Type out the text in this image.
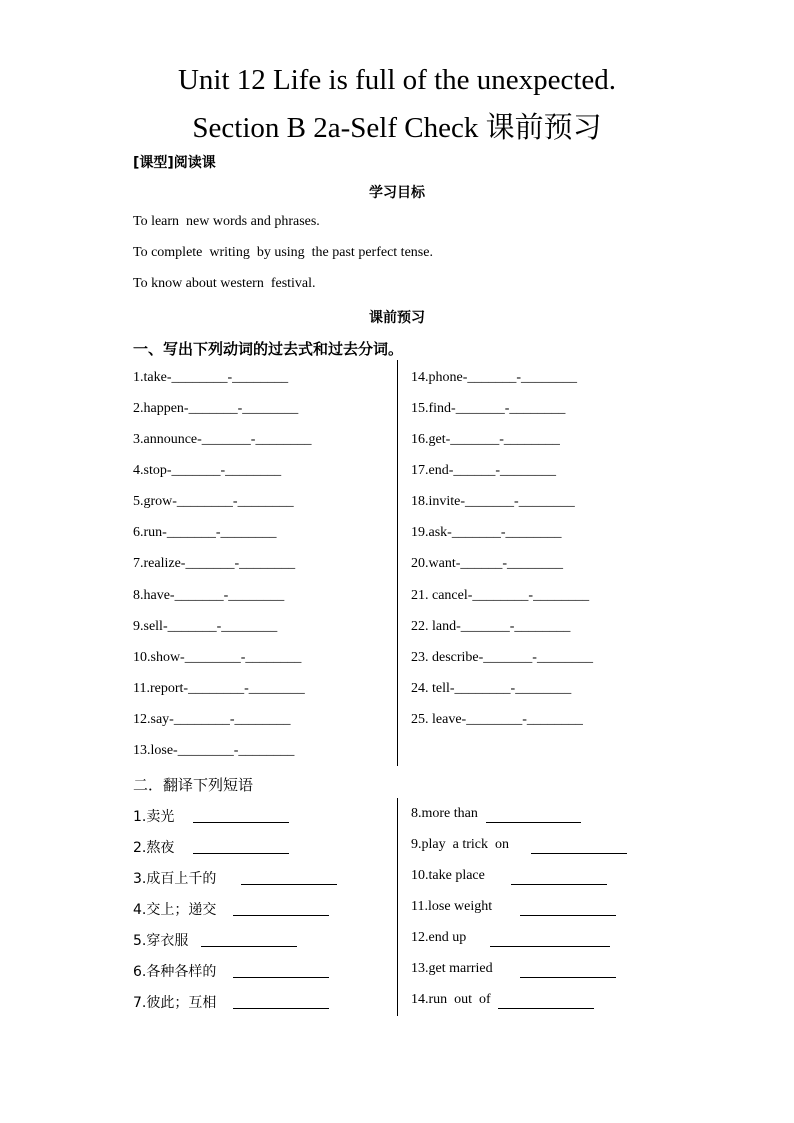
Unit 12 Life is full of the unexpected.
Section B 2a-Self Check 课前预习
[课型]阅读课
学习目标
To learn  new words and phrases.
To complete  writing  by using  the past perfect tense.
To know about western  festival.
课前预习
一、写出下列动词的过去式和过去分词。
1.take-________-________
2.happen-_______-________
3.announce-_______-________
4.stop-_______-________
5.grow-________-________
6.run-_______-________
7.realize-_______-________
8.have-_______-________
9.sell-_______-________
10.show-________-________
11.report-________-________
12.say-________-________
13.lose-________-________
14.phone-_______-________
15.find-_______-________
16.get-_______-________
17.end-______-________
18.invite-_______-________
19.ask-_______-________
20.want-______-________
21. cancel-________-________
22. land-_______-________
23. describe-_______-________
24. tell-________-________
25. leave-________-________
二．翻译下列短语
1.卖光
2.熬夜
3.成百上千的
4.交上；递交
5.穿衣服
6.各种各样的
7.彼此；互相
8.more than
9.play  a trick  on
10.take place
11.lose weight
12.end up
13.get married
14.run  out  of
